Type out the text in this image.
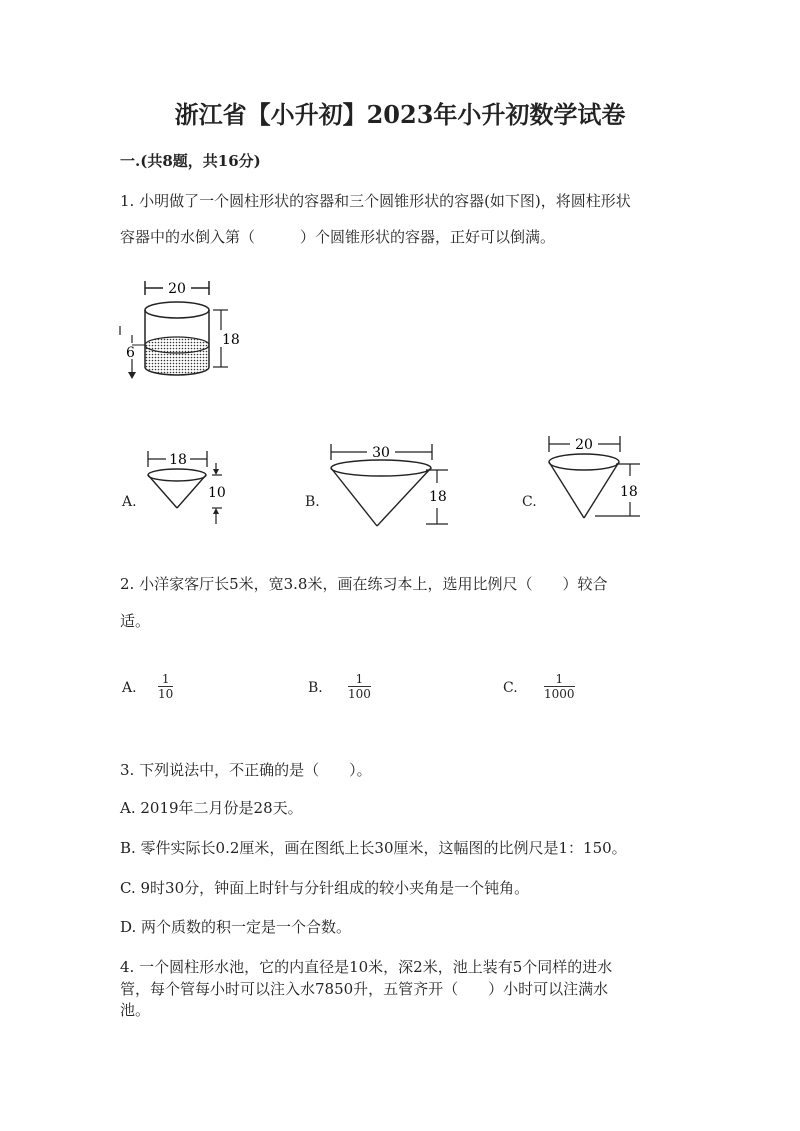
浙江省【小升初】2023年小升初数学试卷
一.(共8题，共16分)
1. 小明做了一个圆柱形状的容器和三个圆锥形状的容器(如下图)，将圆柱形状
容器中的水倒入第（　　　）个圆锥形状的容器，正好可以倒满。
20
18
6
A.
18
10
B.
30
18	C.
20
18
2. 小洋家客厅长5米，宽3.8米，画在练习本上，选用比例尺（　　）较合
适。
A.
1
10	B.
1
100	C.
1
1000
3. 下列说法中，不正确的是（　　）。
A. 2019年二月份是28天。
B. 零件实际长0.2厘米，画在图纸上长30厘米，这幅图的比例尺是1：150。
C. 9时30分，钟面上时针与分针组成的较小夹角是一个钝角。
D. 两个质数的积一定是一个合数。
4. 一个圆柱形水池，它的内直径是10米，深2米，池上装有5个同样的进水
管，每个管每小时可以注入水7850升，五管齐开（　　）小时可以注满水
池。
